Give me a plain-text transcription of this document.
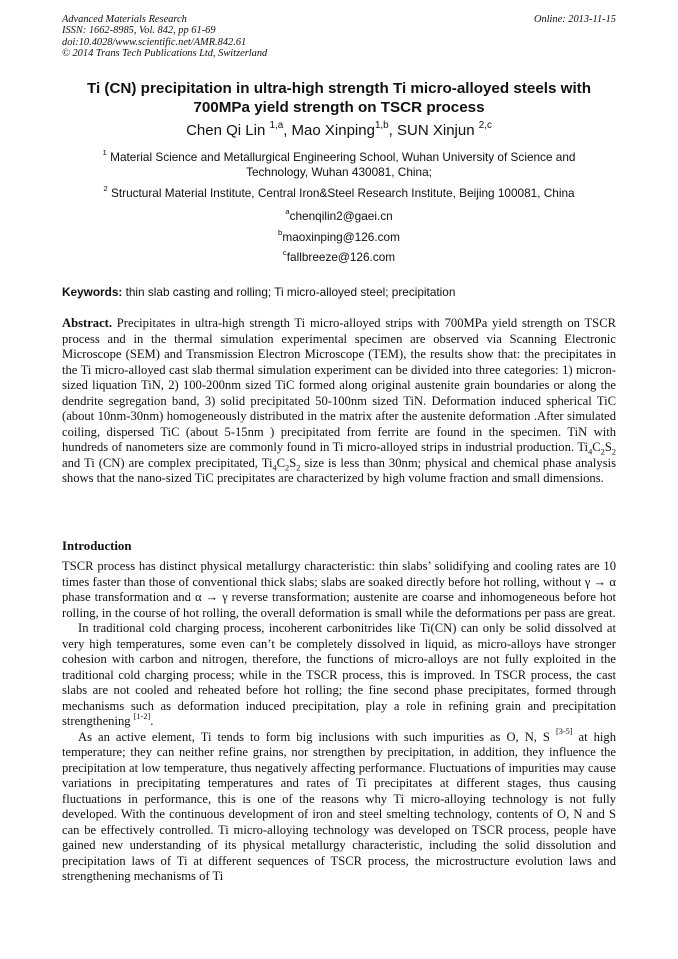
Advanced Materials Research
ISSN: 1662-8985, Vol. 842, pp 61-69
doi:10.4028/www.scientific.net/AMR.842.61
© 2014 Trans Tech Publications Ltd, Switzerland
Online: 2013-11-15
Ti (CN) precipitation in ultra-high strength Ti micro-alloyed steels with
700MPa yield strength on TSCR process
Chen Qi Lin $^{1,a}$, Mao Xinping$^{1,b}$, SUN Xinjun $^{2,c}$
$^1$ Material Science and Metallurgical Engineering School, Wuhan University of Science and
Technology, Wuhan 430081, China;
$^2$ Structural Material Institute, Central Iron&Steel Research Institute, Beijing 100081, China
$^a$chenqilin2@gaei.cn
$^b$maoxinping@126.com
$^c$fallbreeze@126.com
Keywords: thin slab casting and rolling; Ti micro-alloyed steel; precipitation

Abstract. Precipitates in ultra-high strength Ti micro-alloyed strips with 700MPa yield strength on TSCR process and in the thermal simulation experimental specimen are observed via Scanning Electronic Microscope (SEM) and Transmission Electron Microscope (TEM), the results show that: the precipitates in the Ti micro-alloyed cast slab thermal simulation experiment can be divided into three categories: 1) micron-sized liquation TiN, 2) 100-200nm sized TiC formed along original austenite grain boundaries or along the dendrite segregation band, 3) solid precipitated 50-100nm sized TiN. Deformation induced spherical TiC (about 10nm-30nm) homogeneously distributed in the matrix after the austenite deformation .After simulated coiling, dispersed TiC (about 5-15nm ) precipitated from ferrite are found in the specimen. TiN with hundreds of nanometers size are commonly found in Ti micro-alloyed strips in industrial production. $Ti_4C_2S_2$ and Ti (CN) are complex precipitated, $Ti_4C_2S_2$ size is less than 30nm; physical and chemical phase analysis shows that the nano-sized TiC precipitates are characterized by high volume fraction and small dimensions.

Introduction

TSCR process has distinct physical metallurgy characteristic: thin slabs’ solidifying and cooling rates are 10 times faster than those of conventional thick slabs; slabs are soaked directly before hot rolling, without γ → α phase transformation and α → γ reverse transformation; austenite are coarse and inhomogeneous before hot rolling, in the course of hot rolling, the overall deformation is small while the deformations per pass are great.

In traditional cold charging process, incoherent carbonitrides like Ti(CN) can only be solid dissolved at very high temperatures, some even can’t be completely dissolved in liquid, as micro-alloys have stronger cohesion with carbon and nitrogen, therefore, the functions of micro-alloys are not fully exploited in the traditional cold charging process; while in the TSCR process, this is improved. In TSCR process, the cast slabs are not cooled and reheated before hot rolling; the fine second phase precipitates, formed through mechanisms such as deformation induced precipitation, play a role in refining grain and precipitation strengthening [1-2].

As an active element, Ti tends to form big inclusions with such impurities as O, N, S [3-5] at high temperature; they can neither refine grains, nor strengthen by precipitation, in addition, they influence the precipitation at low temperature, thus negatively affecting performance. Fluctuations of impurities may cause variations in precipitating temperatures and rates of Ti precipitates at different stages, thus causing fluctuations in performance, this is one of the reasons why Ti micro-alloying technology is not fully developed. With the continuous development of iron and steel smelting technology, contents of O, N and S can be effectively controlled. Ti micro-alloying technology was developed on TSCR process, people have gained new understanding of its physical metallurgy characteristic, including the solid dissolution and precipitation laws of Ti at different sequences of TSCR process, the microstructure evolution laws and strengthening mechanisms of Ti
